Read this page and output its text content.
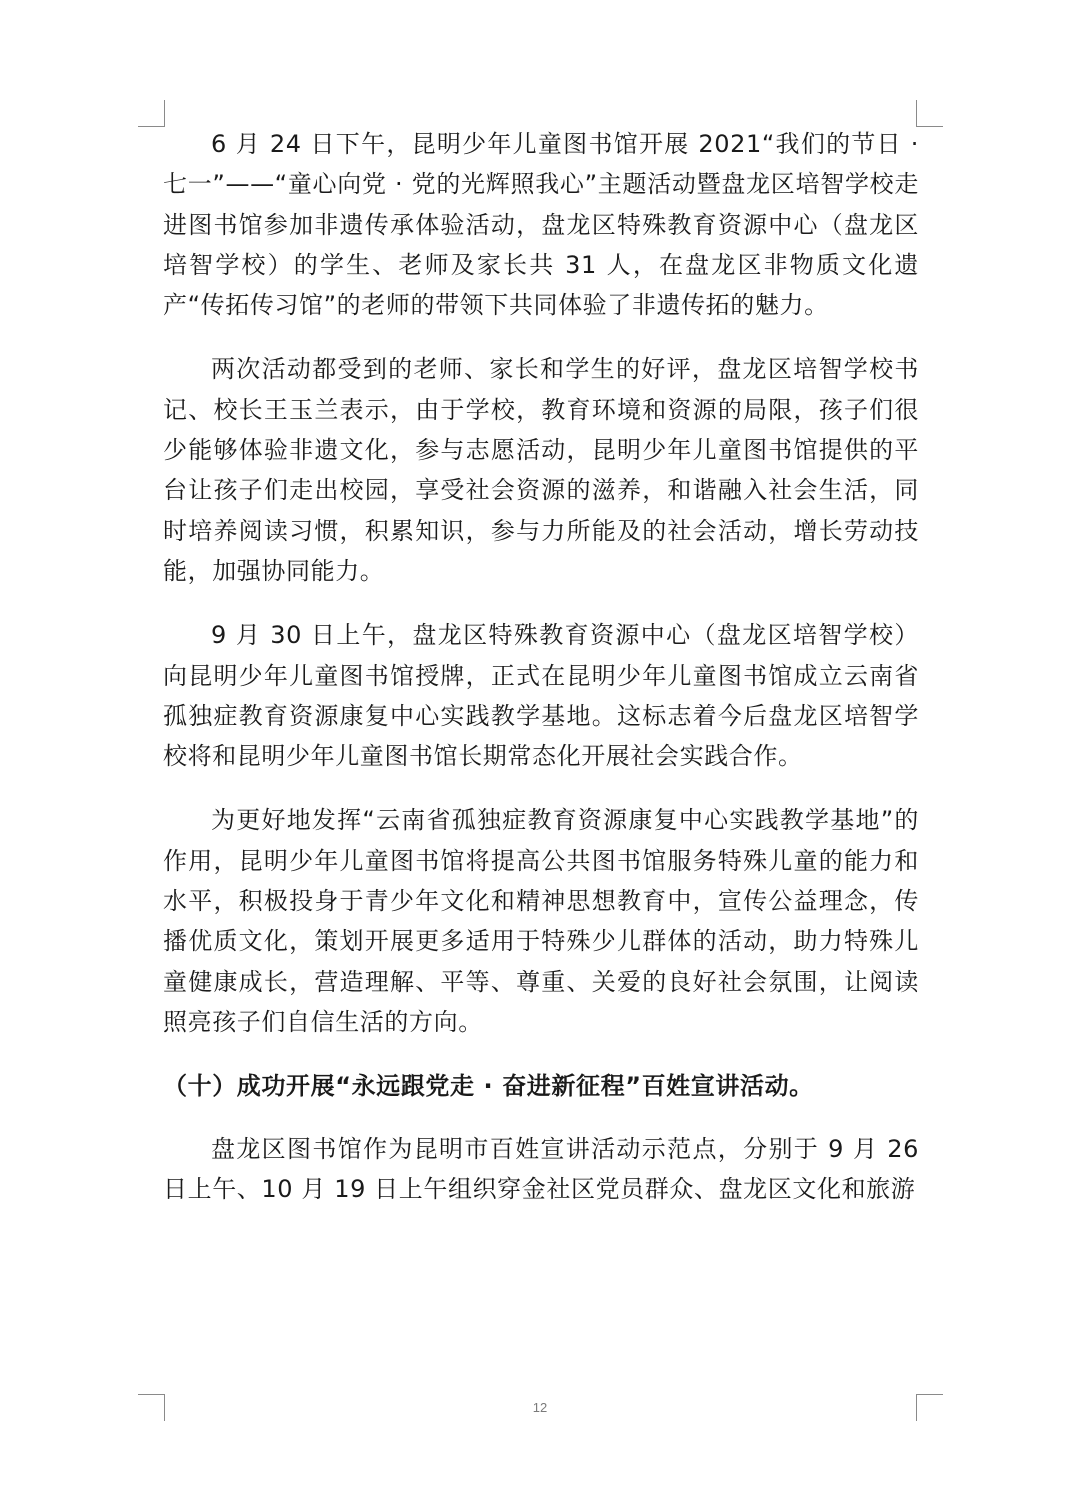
6 月 24 日下午，昆明少年儿童图书馆开展 2021“我们的节日 · 七一”——“童心向党 · 党的光辉照我心”主题活动暨盘龙区培智学校走进图书馆参加非遗传承体验活动，盘龙区特殊教育资源中心（盘龙区培智学校）的学生、老师及家长共 31 人，在盘龙区非物质文化遗产“传拓传习馆”的老师的带领下共同体验了非遗传拓的魅力。

两次活动都受到的老师、家长和学生的好评，盘龙区培智学校书记、校长王玉兰表示，由于学校，教育环境和资源的局限，孩子们很少能够体验非遗文化，参与志愿活动，昆明少年儿童图书馆提供的平台让孩子们走出校园，享受社会资源的滋养，和谐融入社会生活，同时培养阅读习惯，积累知识，参与力所能及的社会活动，增长劳动技能，加强协同能力。

9 月 30 日上午，盘龙区特殊教育资源中心（盘龙区培智学校）向昆明少年儿童图书馆授牌，正式在昆明少年儿童图书馆成立云南省孤独症教育资源康复中心实践教学基地。这标志着今后盘龙区培智学校将和昆明少年儿童图书馆长期常态化开展社会实践合作。

为更好地发挥“云南省孤独症教育资源康复中心实践教学基地”的作用，昆明少年儿童图书馆将提高公共图书馆服务特殊儿童的能力和水平，积极投身于青少年文化和精神思想教育中，宣传公益理念，传播优质文化，策划开展更多适用于特殊少儿群体的活动，助力特殊儿童健康成长，营造理解、平等、尊重、关爱的良好社会氛围，让阅读照亮孩子们自信生活的方向。

（十）成功开展“永远跟党走 · 奋进新征程”百姓宣讲活动。

盘龙区图书馆作为昆明市百姓宣讲活动示范点，分别于 9 月 26 日上午、10 月 19 日上午组织穿金社区党员群众、盘龙区文化和旅游

12
